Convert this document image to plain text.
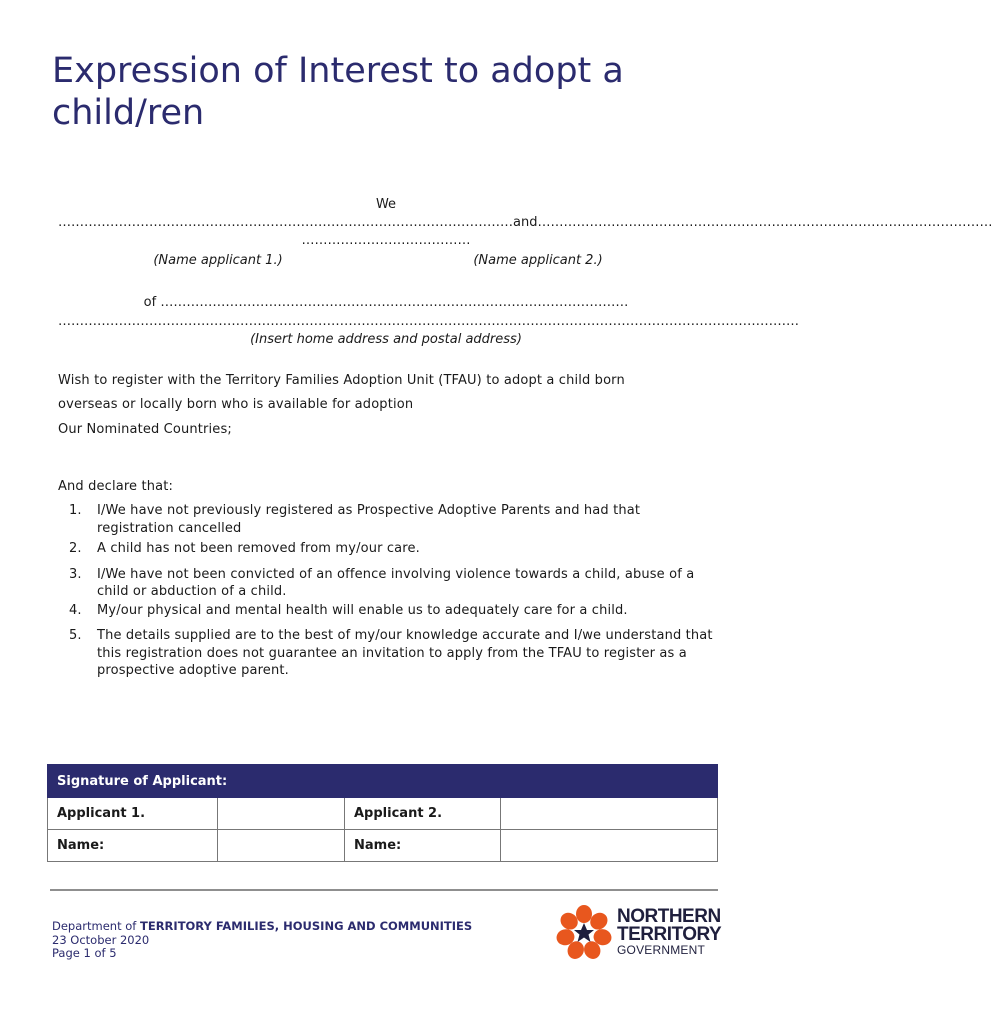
Expression of Interest to adopt a child/ren
We
……………………………………………………………………………………………and……………………………………………………………………………………………
…………………………………
(Name applicant 1.)	(Name applicant 2.)
of ………………………………………………………………………………………………
………………………………………………………………………………………………………………………………………………………
(Insert home address and postal address)
Wish to register with the Territory Families Adoption Unit (TFAU) to adopt a child born
overseas or locally born who is available for adoption
Our Nominated Countries;
And declare that:
1. I/We have not previously registered as Prospective Adoptive Parents and had that registration cancelled
2. A child has not been removed from my/our care.
3. I/We have not been convicted of an offence involving violence towards a child, abuse of a child or abduction of a child.
4. My/our physical and mental health will enable us to adequately care for a child.
5. The details supplied are to the best of my/our knowledge accurate and I/we understand that this registration does not guarantee an invitation to apply from the TFAU to register as a prospective adoptive parent.
Signature of Applicant:			
Applicant 1.		Applicant 2.	
Name:		Name:	
Department of TERRITORY FAMILIES, HOUSING AND COMMUNITIES
23 October 2020
Page 1 of 5
NORTHERN
TERRITORY
GOVERNMENT
